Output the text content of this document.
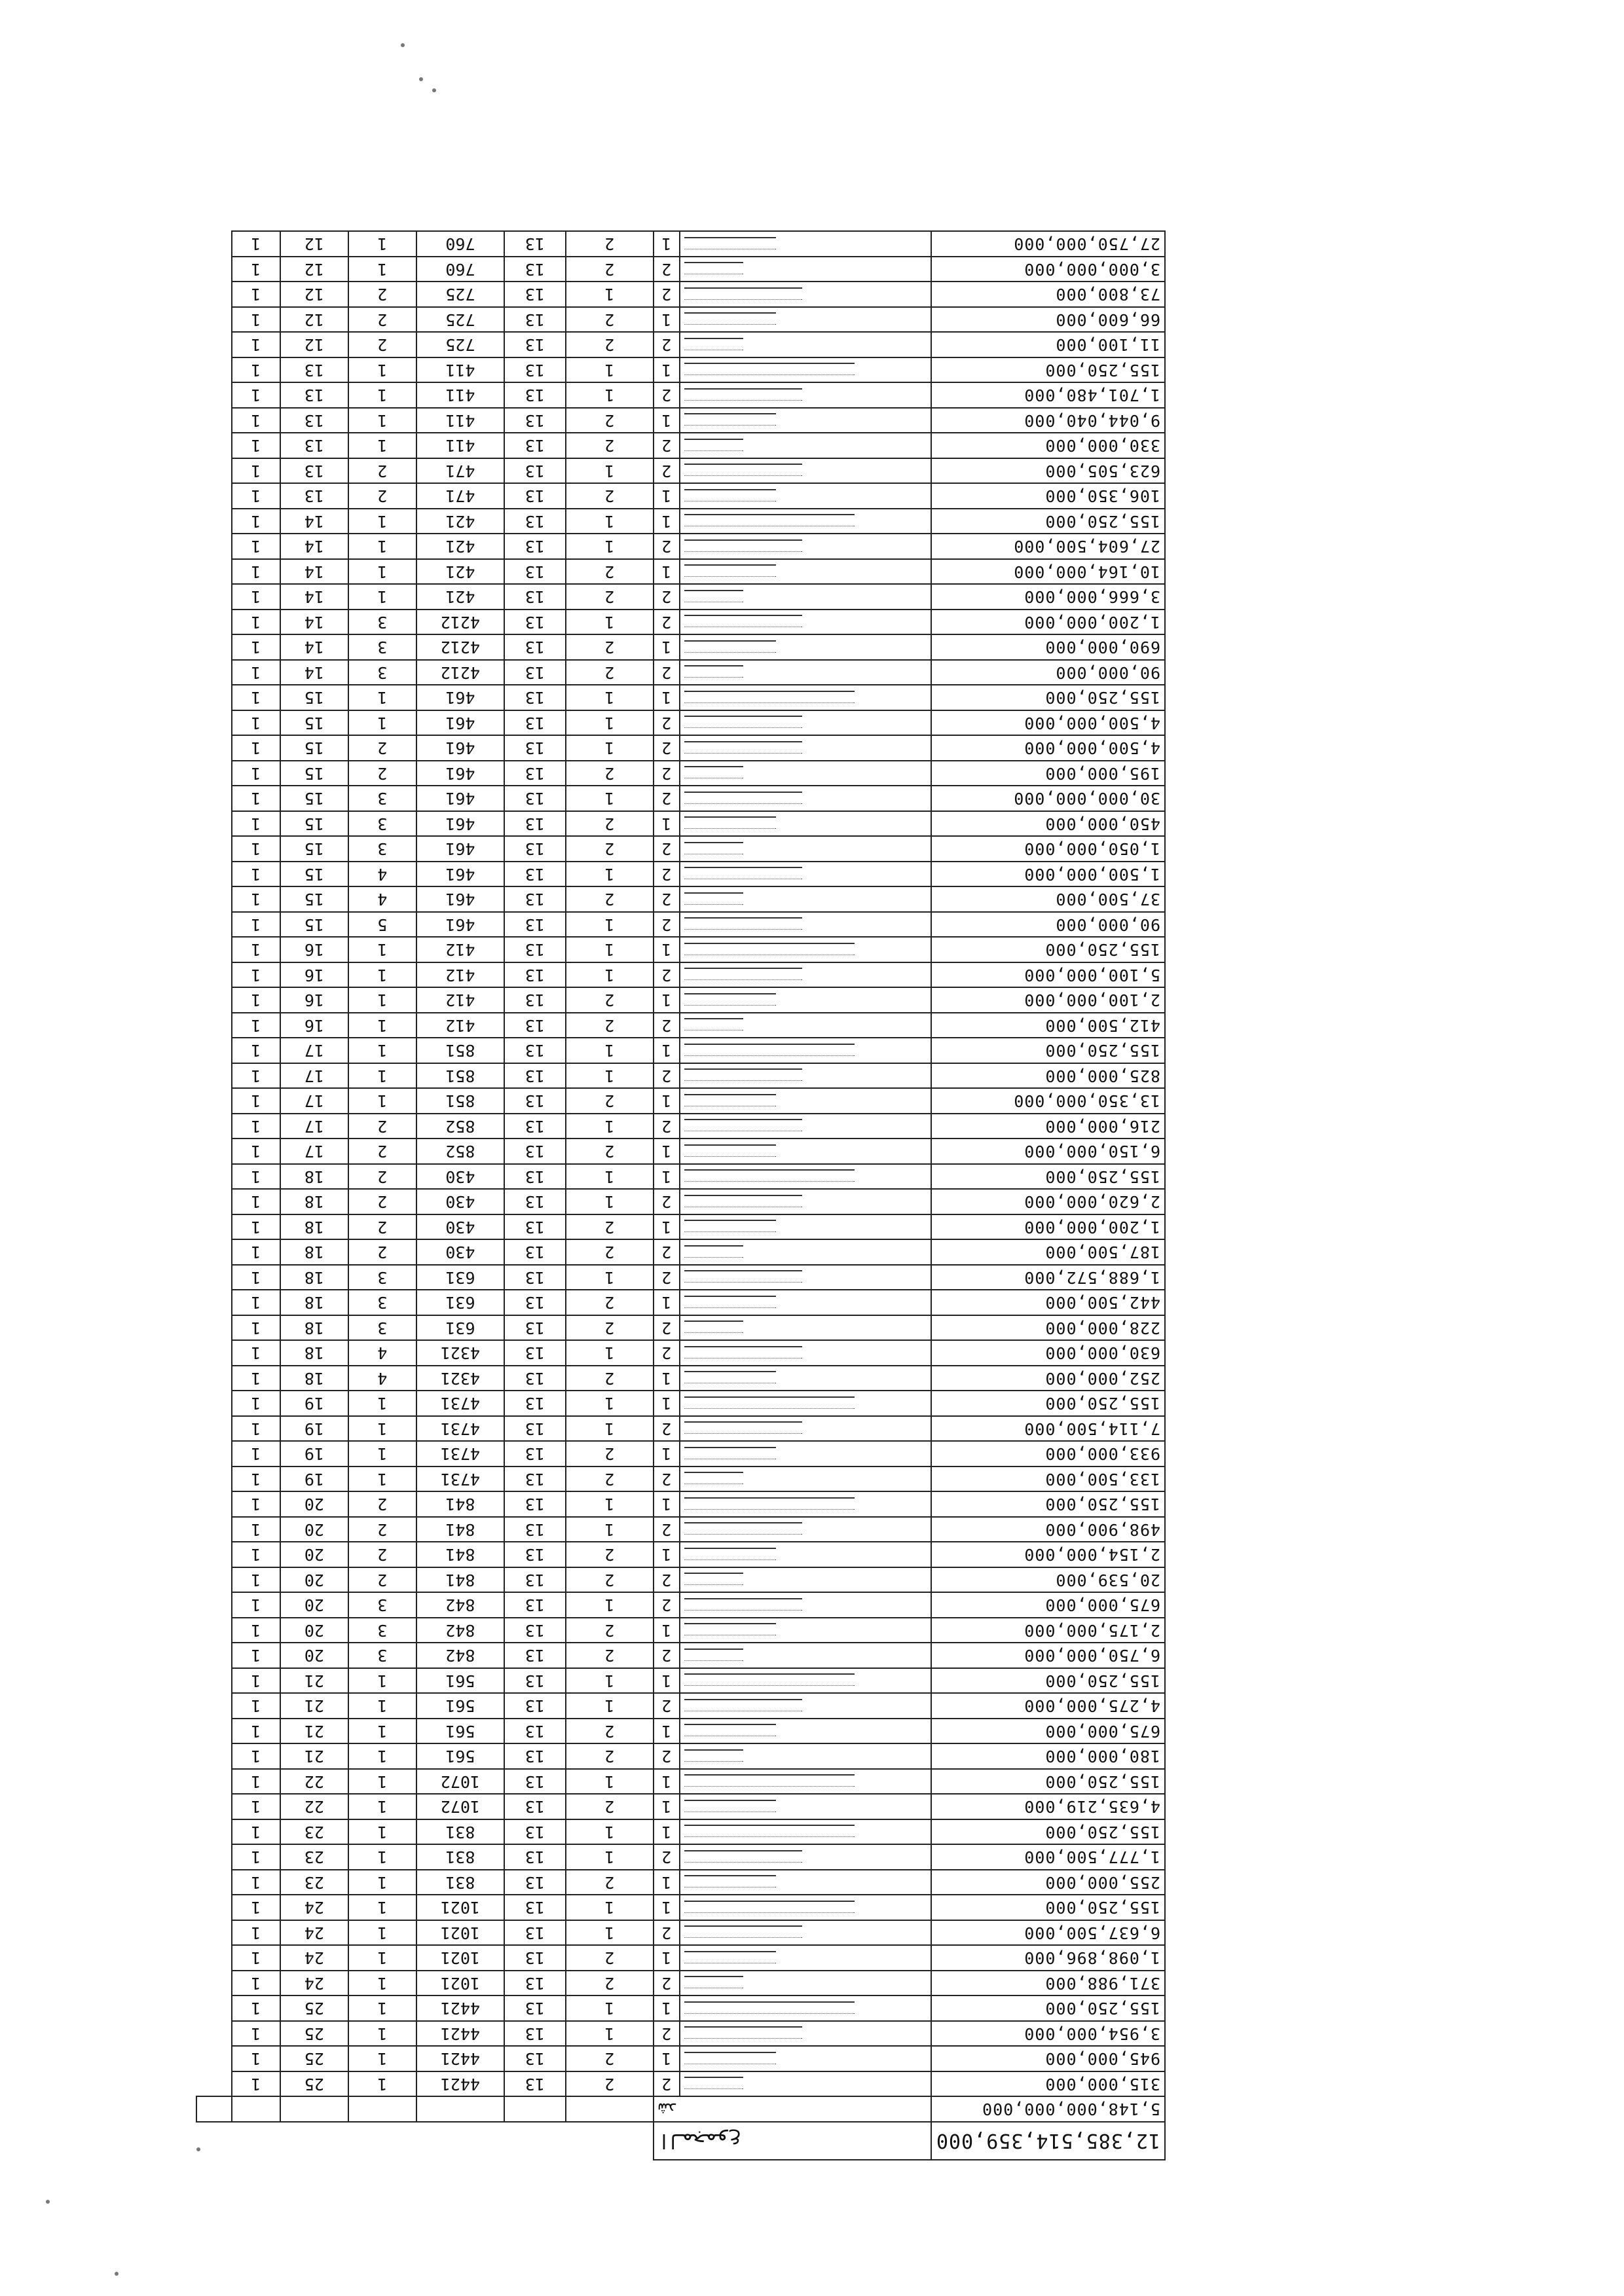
12,385,514,359,000	المجموع								
5,148,000,000,000	شد								
315,000,000		2	2	13	4421	1	25	1	
945,000,000		1	2	13	4421	1	25	1	
3,954,000,000		2	1	13	4421	1	25	1	
155,250,000		1	1	13	4421	1	25	1	
371,988,000		2	2	13	1021	1	24	1	
1,098,896,000		1	2	13	1021	1	24	1	
6,637,500,000		2	1	13	1021	1	24	1	
155,250,000		1	1	13	1021	1	24	1	
255,000,000		1	2	13	831	1	23	1	
1,777,500,000		2	1	13	831	1	23	1	
155,250,000		1	1	13	831	1	23	1	
4,635,219,000		1	2	13	1072	1	22	1	
155,250,000		1	1	13	1072	1	22	1	
180,000,000		2	2	13	561	1	21	1	
675,000,000		1	2	13	561	1	21	1	
4,275,000,000		2	1	13	561	1	21	1	
155,250,000		1	1	13	561	1	21	1	
6,750,000,000		2	2	13	842	3	20	1	
2,175,000,000		1	2	13	842	3	20	1	
675,000,000		2	1	13	842	3	20	1	
20,539,000		2	2	13	841	2	20	1	
2,154,000,000		1	2	13	841	2	20	1	
498,900,000		2	1	13	841	2	20	1	
155,250,000		1	1	13	841	2	20	1	
133,500,000		2	2	13	4731	1	19	1	
933,000,000		1	2	13	4731	1	19	1	
7,114,500,000		2	1	13	4731	1	19	1	
155,250,000		1	1	13	4731	1	19	1	
252,000,000		1	2	13	4321	4	18	1	
630,000,000		2	1	13	4321	4	18	1	
228,000,000		2	2	13	631	3	18	1	
442,500,000		1	2	13	631	3	18	1	
1,688,572,000		2	1	13	631	3	18	1	
187,500,000		2	2	13	430	2	18	1	
1,200,000,000		1	2	13	430	2	18	1	
2,620,000,000		2	1	13	430	2	18	1	
155,250,000		1	1	13	430	2	18	1	
6,150,000,000		1	2	13	852	2	17	1	
216,000,000		2	1	13	852	2	17	1	
13,350,000,000		1	2	13	851	1	17	1	
825,000,000		2	1	13	851	1	17	1	
155,250,000		1	1	13	851	1	17	1	
412,500,000		2	2	13	412	1	16	1	
2,100,000,000		1	2	13	412	1	16	1	
5,100,000,000		2	1	13	412	1	16	1	
155,250,000		1	1	13	412	1	16	1	
90,000,000		2	1	13	461	5	15	1	
37,500,000		2	2	13	461	4	15	1	
1,500,000,000		2	1	13	461	4	15	1	
1,050,000,000		2	2	13	461	3	15	1	
450,000,000		1	2	13	461	3	15	1	
30,000,000,000		2	1	13	461	3	15	1	
195,000,000		2	2	13	461	2	15	1	
4,500,000,000		2	1	13	461	2	15	1	
4,500,000,000		2	1	13	461	1	15	1	
155,250,000		1	1	13	461	1	15	1	
90,000,000		2	2	13	4212	3	14	1	
690,000,000		1	2	13	4212	3	14	1	
1,200,000,000		2	1	13	4212	3	14	1	
3,666,000,000		2	2	13	421	1	14	1	
10,164,000,000		1	2	13	421	1	14	1	
27,604,500,000		2	1	13	421	1	14	1	
155,250,000		1	1	13	421	1	14	1	
106,350,000		1	2	13	471	2	13	1	
623,505,000		2	1	13	471	2	13	1	
330,000,000		2	2	13	411	1	13	1	
9,044,040,000		1	2	13	411	1	13	1	
1,701,480,000		2	1	13	411	1	13	1	
155,250,000		1	1	13	411	1	13	1	
11,100,000		2	2	13	725	2	12	1	
66,600,000		1	2	13	725	2	12	1	
73,800,000		2	1	13	725	2	12	1	
3,000,000,000		2	2	13	760	1	12	1	
27,750,000,000		1	2	13	760	1	12	1	
